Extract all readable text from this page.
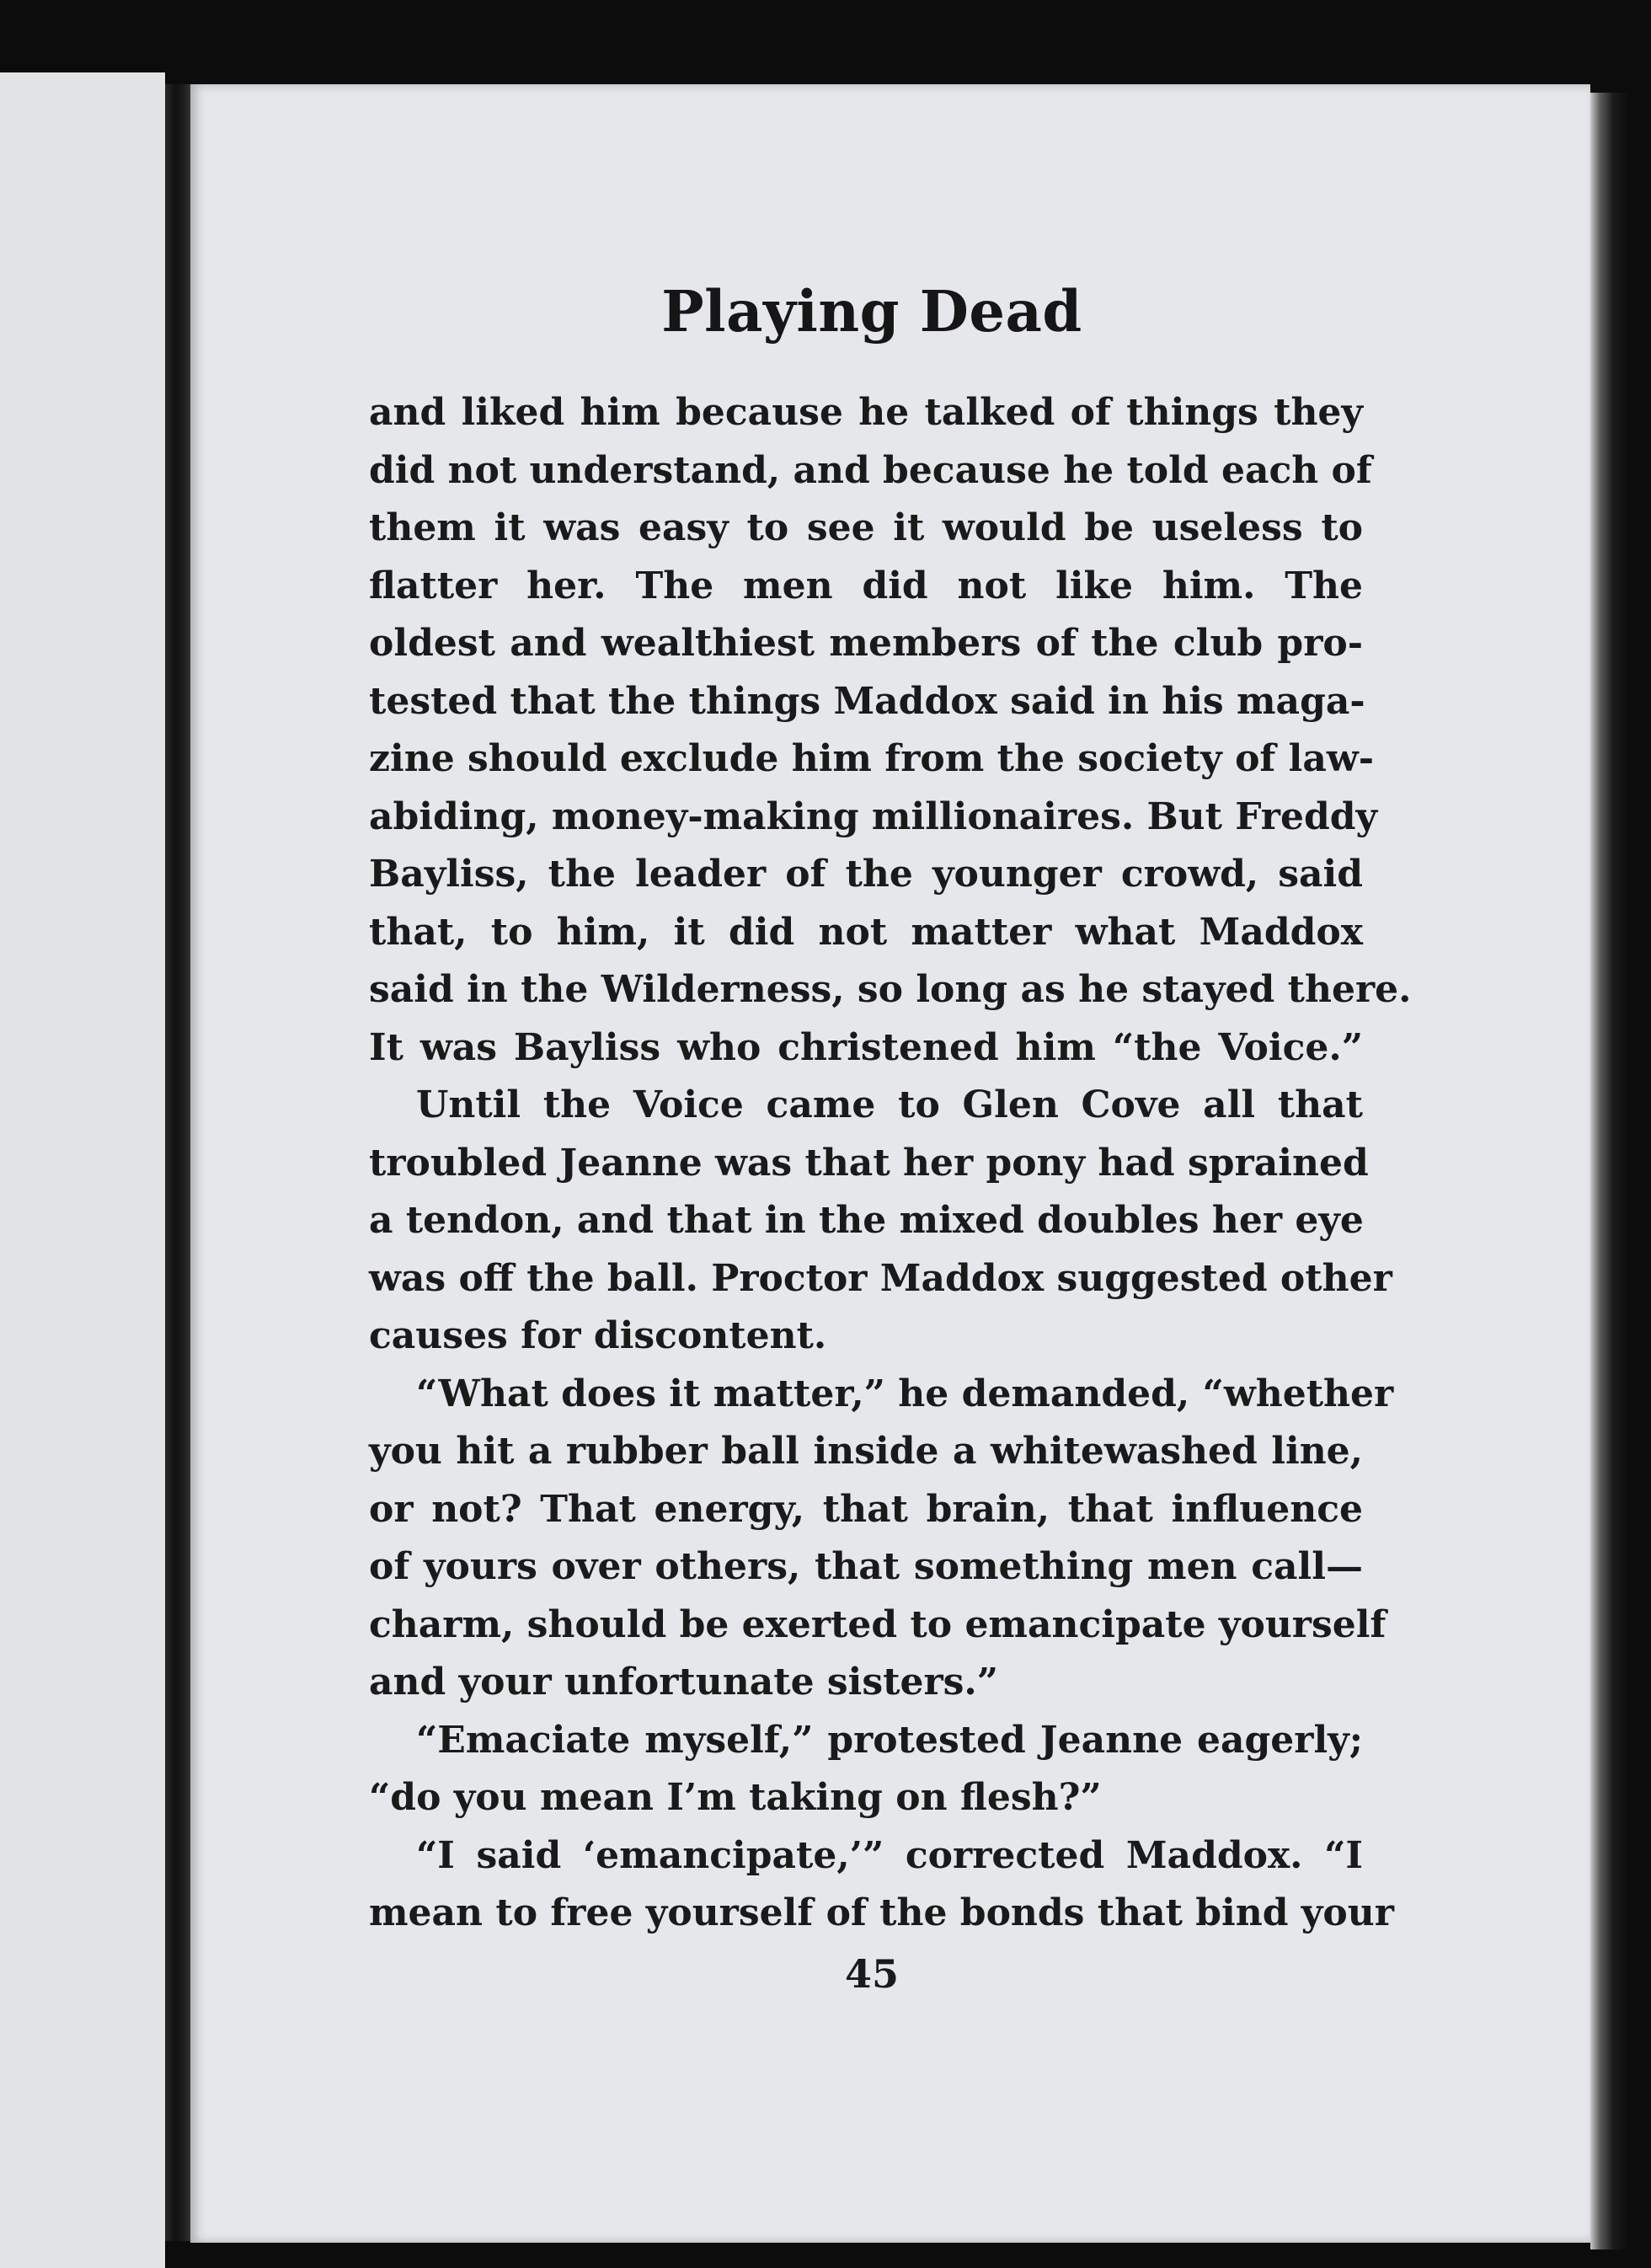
Playing Dead
and liked him because he talked of things they
did not understand, and because he told each of
them it was easy to see it would be useless to
flatter her. The men did not like him. The
oldest and wealthiest members of the club pro-
tested that the things Maddox said in his maga-
zine should exclude him from the society of law-
abiding, money-making millionaires. But Freddy
Bayliss, the leader of the younger crowd, said
that, to him, it did not matter what Maddox
said in the Wilderness, so long as he stayed there.
It was Bayliss who christened him “the Voice.”
Until the Voice came to Glen Cove all that
troubled Jeanne was that her pony had sprained
a tendon, and that in the mixed doubles her eye
was off the ball. Proctor Maddox suggested other
causes for discontent.
“What does it matter,” he demanded, “whether
you hit a rubber ball inside a whitewashed line,
or not? That energy, that brain, that influence
of yours over others, that something men call—
charm, should be exerted to emancipate yourself
and your unfortunate sisters.”
“Emaciate myself,” protested Jeanne eagerly;
“do you mean I’m taking on flesh?”
“I said ‘emancipate,’” corrected Maddox. “I
mean to free yourself of the bonds that bind your
45
